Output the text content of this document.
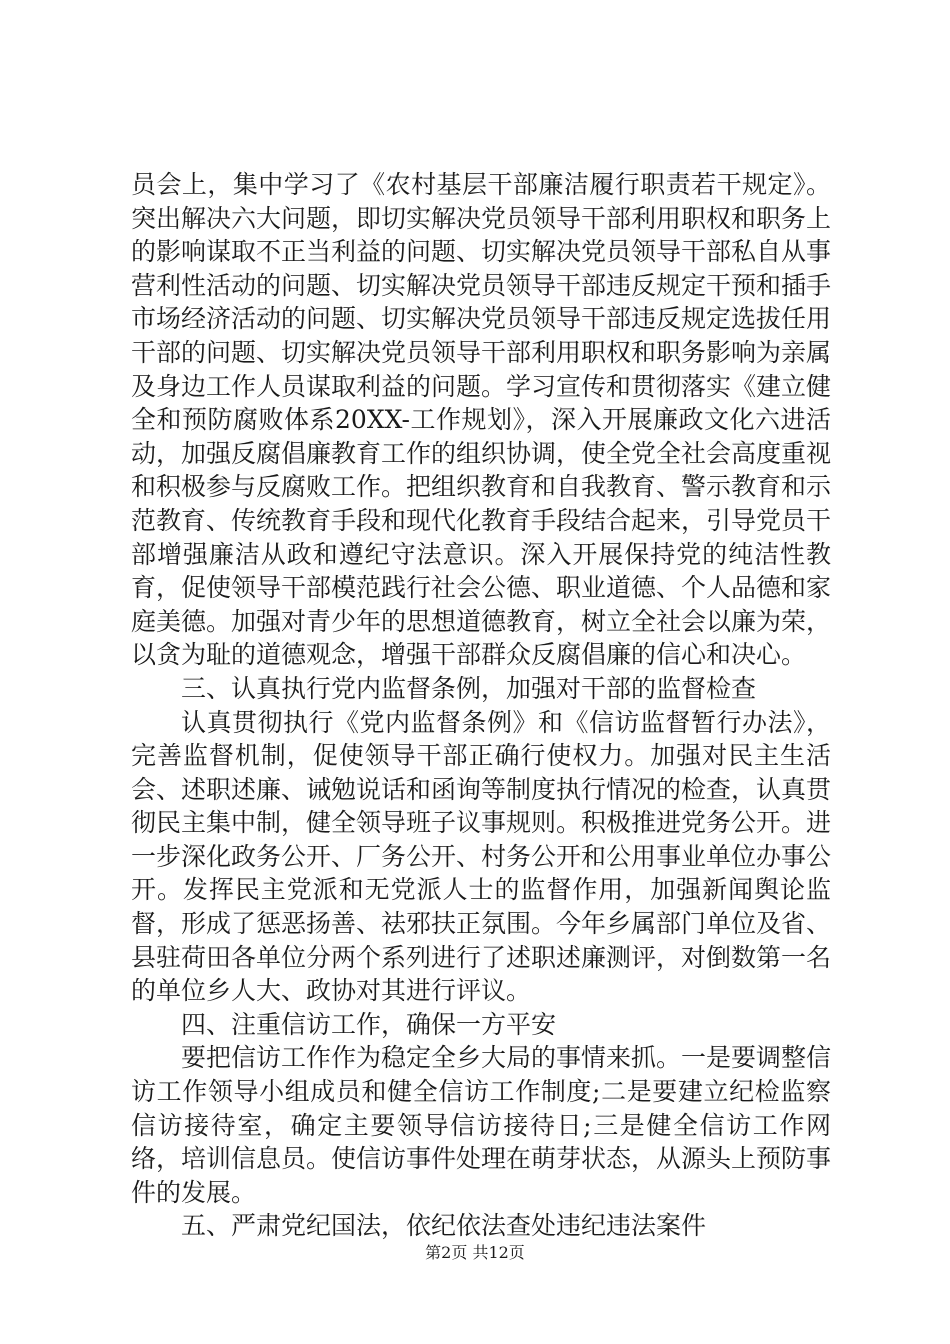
员会上，集中学习了《农村基层干部廉洁履行职责若干规定》。突出解决六大问题，即切实解决党员领导干部利用职权和职务上的影响谋取不正当利益的问题、切实解决党员领导干部私自从事营利性活动的问题、切实解决党员领导干部违反规定干预和插手市场经济活动的问题、切实解决党员领导干部违反规定选拔任用干部的问题、切实解决党员领导干部利用职权和职务影响为亲属及身边工作人员谋取利益的问题。学习宣传和贯彻落实《建立健全和预防腐败体系20XX-工作规划》，深入开展廉政文化六进活动，加强反腐倡廉教育工作的组织协调，使全党全社会高度重视和积极参与反腐败工作。把组织教育和自我教育、警示教育和示范教育、传统教育手段和现代化教育手段结合起来，引导党员干部增强廉洁从政和遵纪守法意识。深入开展保持党的纯洁性教育，促使领导干部模范践行社会公德、职业道德、个人品德和家庭美德。加强对青少年的思想道德教育，树立全社会以廉为荣，以贪为耻的道德观念，增强干部群众反腐倡廉的信心和决心。

三、认真执行党内监督条例，加强对干部的监督检查

认真贯彻执行《党内监督条例》和《信访监督暂行办法》，完善监督机制，促使领导干部正确行使权力。加强对民主生活会、述职述廉、诫勉说话和函询等制度执行情况的检查，认真贯彻民主集中制，健全领导班子议事规则。积极推进党务公开。进一步深化政务公开、厂务公开、村务公开和公用事业单位办事公开。发挥民主党派和无党派人士的监督作用，加强新闻舆论监督，形成了惩恶扬善、祛邪扶正氛围。今年乡属部门单位及省、县驻荷田各单位分两个系列进行了述职述廉测评，对倒数第一名的单位乡人大、政协对其进行评议。

四、注重信访工作，确保一方平安

要把信访工作作为稳定全乡大局的事情来抓。一是要调整信访工作领导小组成员和健全信访工作制度;二是要建立纪检监察信访接待室，确定主要领导信访接待日;三是健全信访工作网络，培训信息员。使信访事件处理在萌芽状态，从源头上预防事件的发展。

五、严肃党纪国法，依纪依法查处违纪违法案件

第2页 共12页
